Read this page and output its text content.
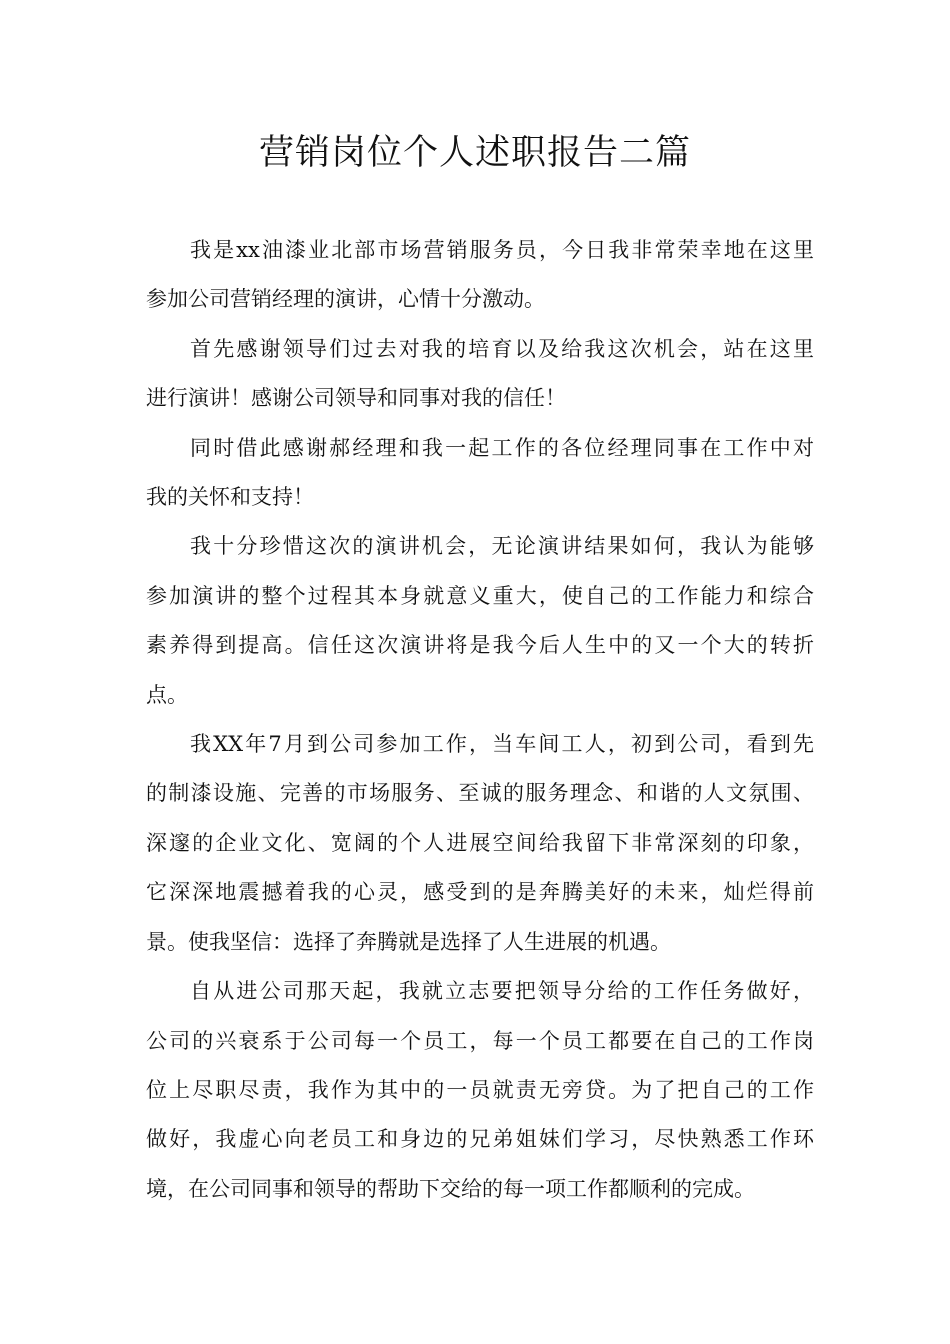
营销岗位个人述职报告二篇

我是xx油漆业北部市场营销服务员，今日我非常荣幸地在这里
参加公司营销经理的演讲，心情十分激动。

首先感谢领导们过去对我的培育以及给我这次机会，站在这里
进行演讲！感谢公司领导和同事对我的信任！

同时借此感谢郝经理和我一起工作的各位经理同事在工作中对
我的关怀和支持！

我十分珍惜这次的演讲机会，无论演讲结果如何，我认为能够
参加演讲的整个过程其本身就意义重大，使自己的工作能力和综合
素养得到提高。信任这次演讲将是我今后人生中的又一个大的转折
点。

我XX年7月到公司参加工作，当车间工人，初到公司，看到先
的制漆设施、完善的市场服务、至诚的服务理念、和谐的人文氛围、
深邃的企业文化、宽阔的个人进展空间给我留下非常深刻的印象，
它深深地震撼着我的心灵，感受到的是奔腾美好的未来，灿烂得前
景。使我坚信：选择了奔腾就是选择了人生进展的机遇。

自从进公司那天起，我就立志要把领导分给的工作任务做好，
公司的兴衰系于公司每一个员工，每一个员工都要在自己的工作岗
位上尽职尽责，我作为其中的一员就责无旁贷。为了把自己的工作
做好，我虚心向老员工和身边的兄弟姐妹们学习，尽快熟悉工作环
境，在公司同事和领导的帮助下交给的每一项工作都顺利的完成。
